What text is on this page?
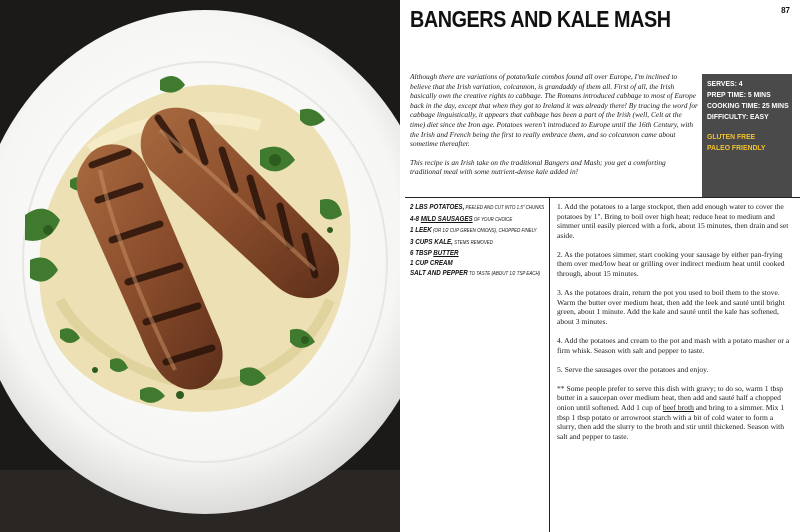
87
BANGERS AND KALE MASH

Although there are variations of potato/kale combos found all over Europe, I'm inclined to believe that the Irish variation, colcannon, is grandaddy of them all. First of all, the Irish basically own the creative rights to cabbage. The Romans introduced cabbage to most of Europe back in the day, except that when they got to Ireland it was already there! By tracing the word for cabbage linguistically, it appears that cabbage has been a part of the Irish (well, Celt at the time) diet since the Iron age. Potatoes weren't introduced to Europe until the 16th Century, with the Irish and French being the first to really embrace them, and so colcannon came about sometime thereafter.

This recipe is an Irish take on the traditional Bangers and Mash; you get a comforting traditional meal with some nutrient-dense kale added in!

SERVES: 4
PREP TIME: 5 MINS
COOKING TIME: 25 MINS
DIFFICULTY: EASY
GLUTEN FREE
PALEO FRIENDLY
2 LBS POTATOES, PEELED AND CUT INTO 1.5" CHUNKS
4-8 MILD SAUSAGES OF YOUR CHOICE
1 LEEK (OR 1/2 CUP GREEN ONIONS), CHOPPED FINELY
3 CUPS KALE, STEMS REMOVED
6 TBSP BUTTER
1 CUP CREAM
SALT AND PEPPER TO TASTE (ABOUT 1/2 TSP EACH)

1. Add the potatoes to a large stockpot, then add enough water to cover the potatoes by 1". Bring to boil over high heat; reduce heat to medium and simmer until easily pierced with a fork, about 15 minutes, then drain and set aside.

2. As the potatoes simmer, start cooking your sausage by either pan-frying them over med/low heat or grilling over indirect medium heat until cooked through, about 15 minutes.

3. As the potatoes drain, return the pot you used to boil them to the stove. Warm the butter over medium heat, then add the leek and sauté until bright green, about 1 minute. Add the kale and sauté until the kale has softened, about 3 minutes.

4. Add the potatoes and cream to the pot and mash with a potato masher or a firm whisk. Season with salt and pepper to taste.

5. Serve the sausages over the potatoes and enjoy.

** Some people prefer to serve this dish with gravy; to do so, warm 1 tbsp butter in a saucepan over medium heat, then add and sauté half a chopped onion until softened. Add 1 cup of beef broth and bring to a simmer. Mix 1 tbsp 1 tbsp potato or arrowroot starch with a bit of cold water to form a slurry, then add the slurry to the broth and stir until thickened. Season with salt and pepper to taste.
